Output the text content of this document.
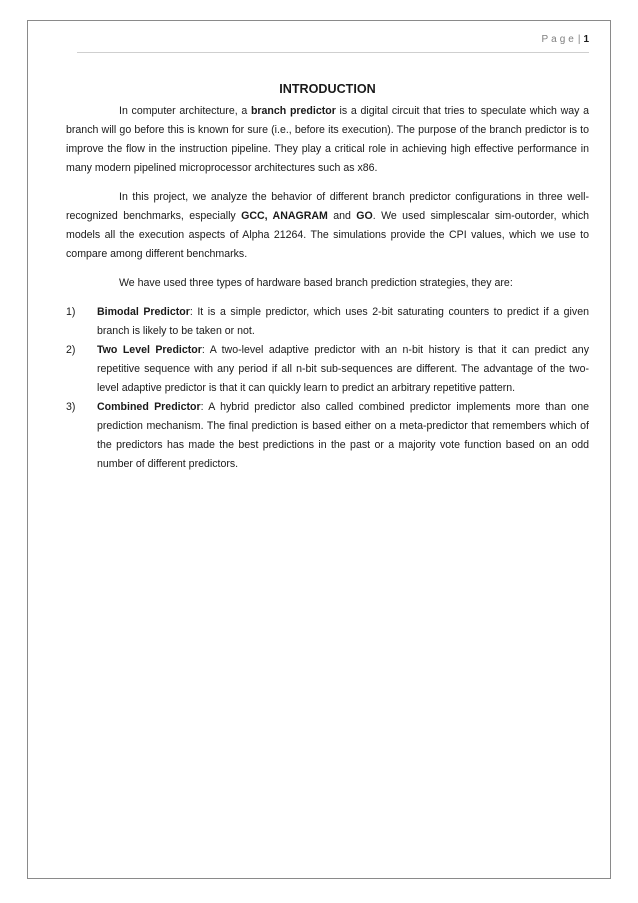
Page| 1
INTRODUCTION

In computer architecture, a branch predictor is a digital circuit that tries to speculate which way a branch will go before this is known for sure (i.e., before its execution). The purpose of the branch predictor is to improve the flow in the instruction pipeline. They play a critical role in achieving high effective performance in many modern pipelined microprocessor architectures such as x86.

In this project, we analyze the behavior of different branch predictor configurations in three well-recognized benchmarks, especially GCC, ANAGRAM and GO. We used simplescalar sim-outorder, which models all the execution aspects of Alpha 21264. The simulations provide the CPI values, which we use to compare among different benchmarks.

We have used three types of hardware based branch prediction strategies, they are:

1) Bimodal Predictor: It is a simple predictor, which uses 2-bit saturating counters to predict if a given branch is likely to be taken or not.
2) Two Level Predictor: A two-level adaptive predictor with an n-bit history is that it can predict any repetitive sequence with any period if all n-bit sub-sequences are different. The advantage of the two-level adaptive predictor is that it can quickly learn to predict an arbitrary repetitive pattern.
3) Combined Predictor: A hybrid predictor also called combined predictor implements more than one prediction mechanism. The final prediction is based either on a meta-predictor that remembers which of the predictors has made the best predictions in the past or a majority vote function based on an odd number of different predictors.
